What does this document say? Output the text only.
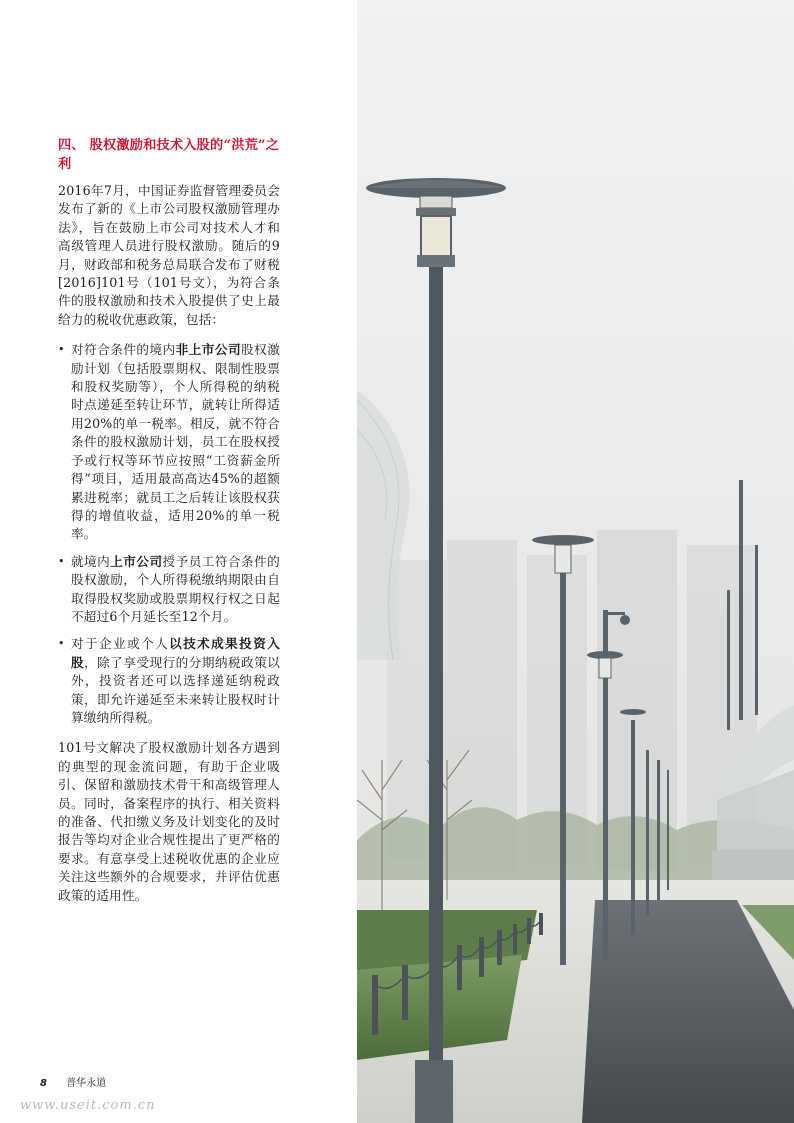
四、 股权激励和技术入股的“洪荒”之利

2016年7月，中国证券监督管理委员会发布了新的《上市公司股权激励管理办法》，旨在鼓励上市公司对技术人才和高级管理人员进行股权激励。随后的9月，财政部和税务总局联合发布了财税[2016]101号（101号文），为符合条件的股权激励和技术入股提供了史上最给力的税收优惠政策，包括：

• 对符合条件的境内非上市公司股权激励计划（包括股票期权、限制性股票和股权奖励等），个人所得税的纳税时点递延至转让环节，就转让所得适用20%的单一税率。相反，就不符合条件的股权激励计划，员工在股权授予或行权等环节应按照“工资薪金所得”项目，适用最高高达45%的超额累进税率；就员工之后转让该股权获得的增值收益，适用20%的单一税率。
• 就境内上市公司授予员工符合条件的股权激励，个人所得税缴纳期限由自取得股权奖励或股票期权行权之日起不超过6个月延长至12个月。
• 对于企业或个人以技术成果投资入股，除了享受现行的分期纳税政策以外，投资者还可以选择递延纳税政策，即允许递延至未来转让股权时计算缴纳所得税。

101号文解决了股权激励计划各方遇到的典型的现金流问题，有助于企业吸引、保留和激励技术骨干和高级管理人员。同时，备案程序的执行、相关资料的准备、代扣缴义务及计划变化的及时报告等均对企业合规性提出了更严格的要求。有意享受上述税收优惠的企业应关注这些额外的合规要求，并评估优惠政策的适用性。

8 普华永道
www.useit.com.cn
